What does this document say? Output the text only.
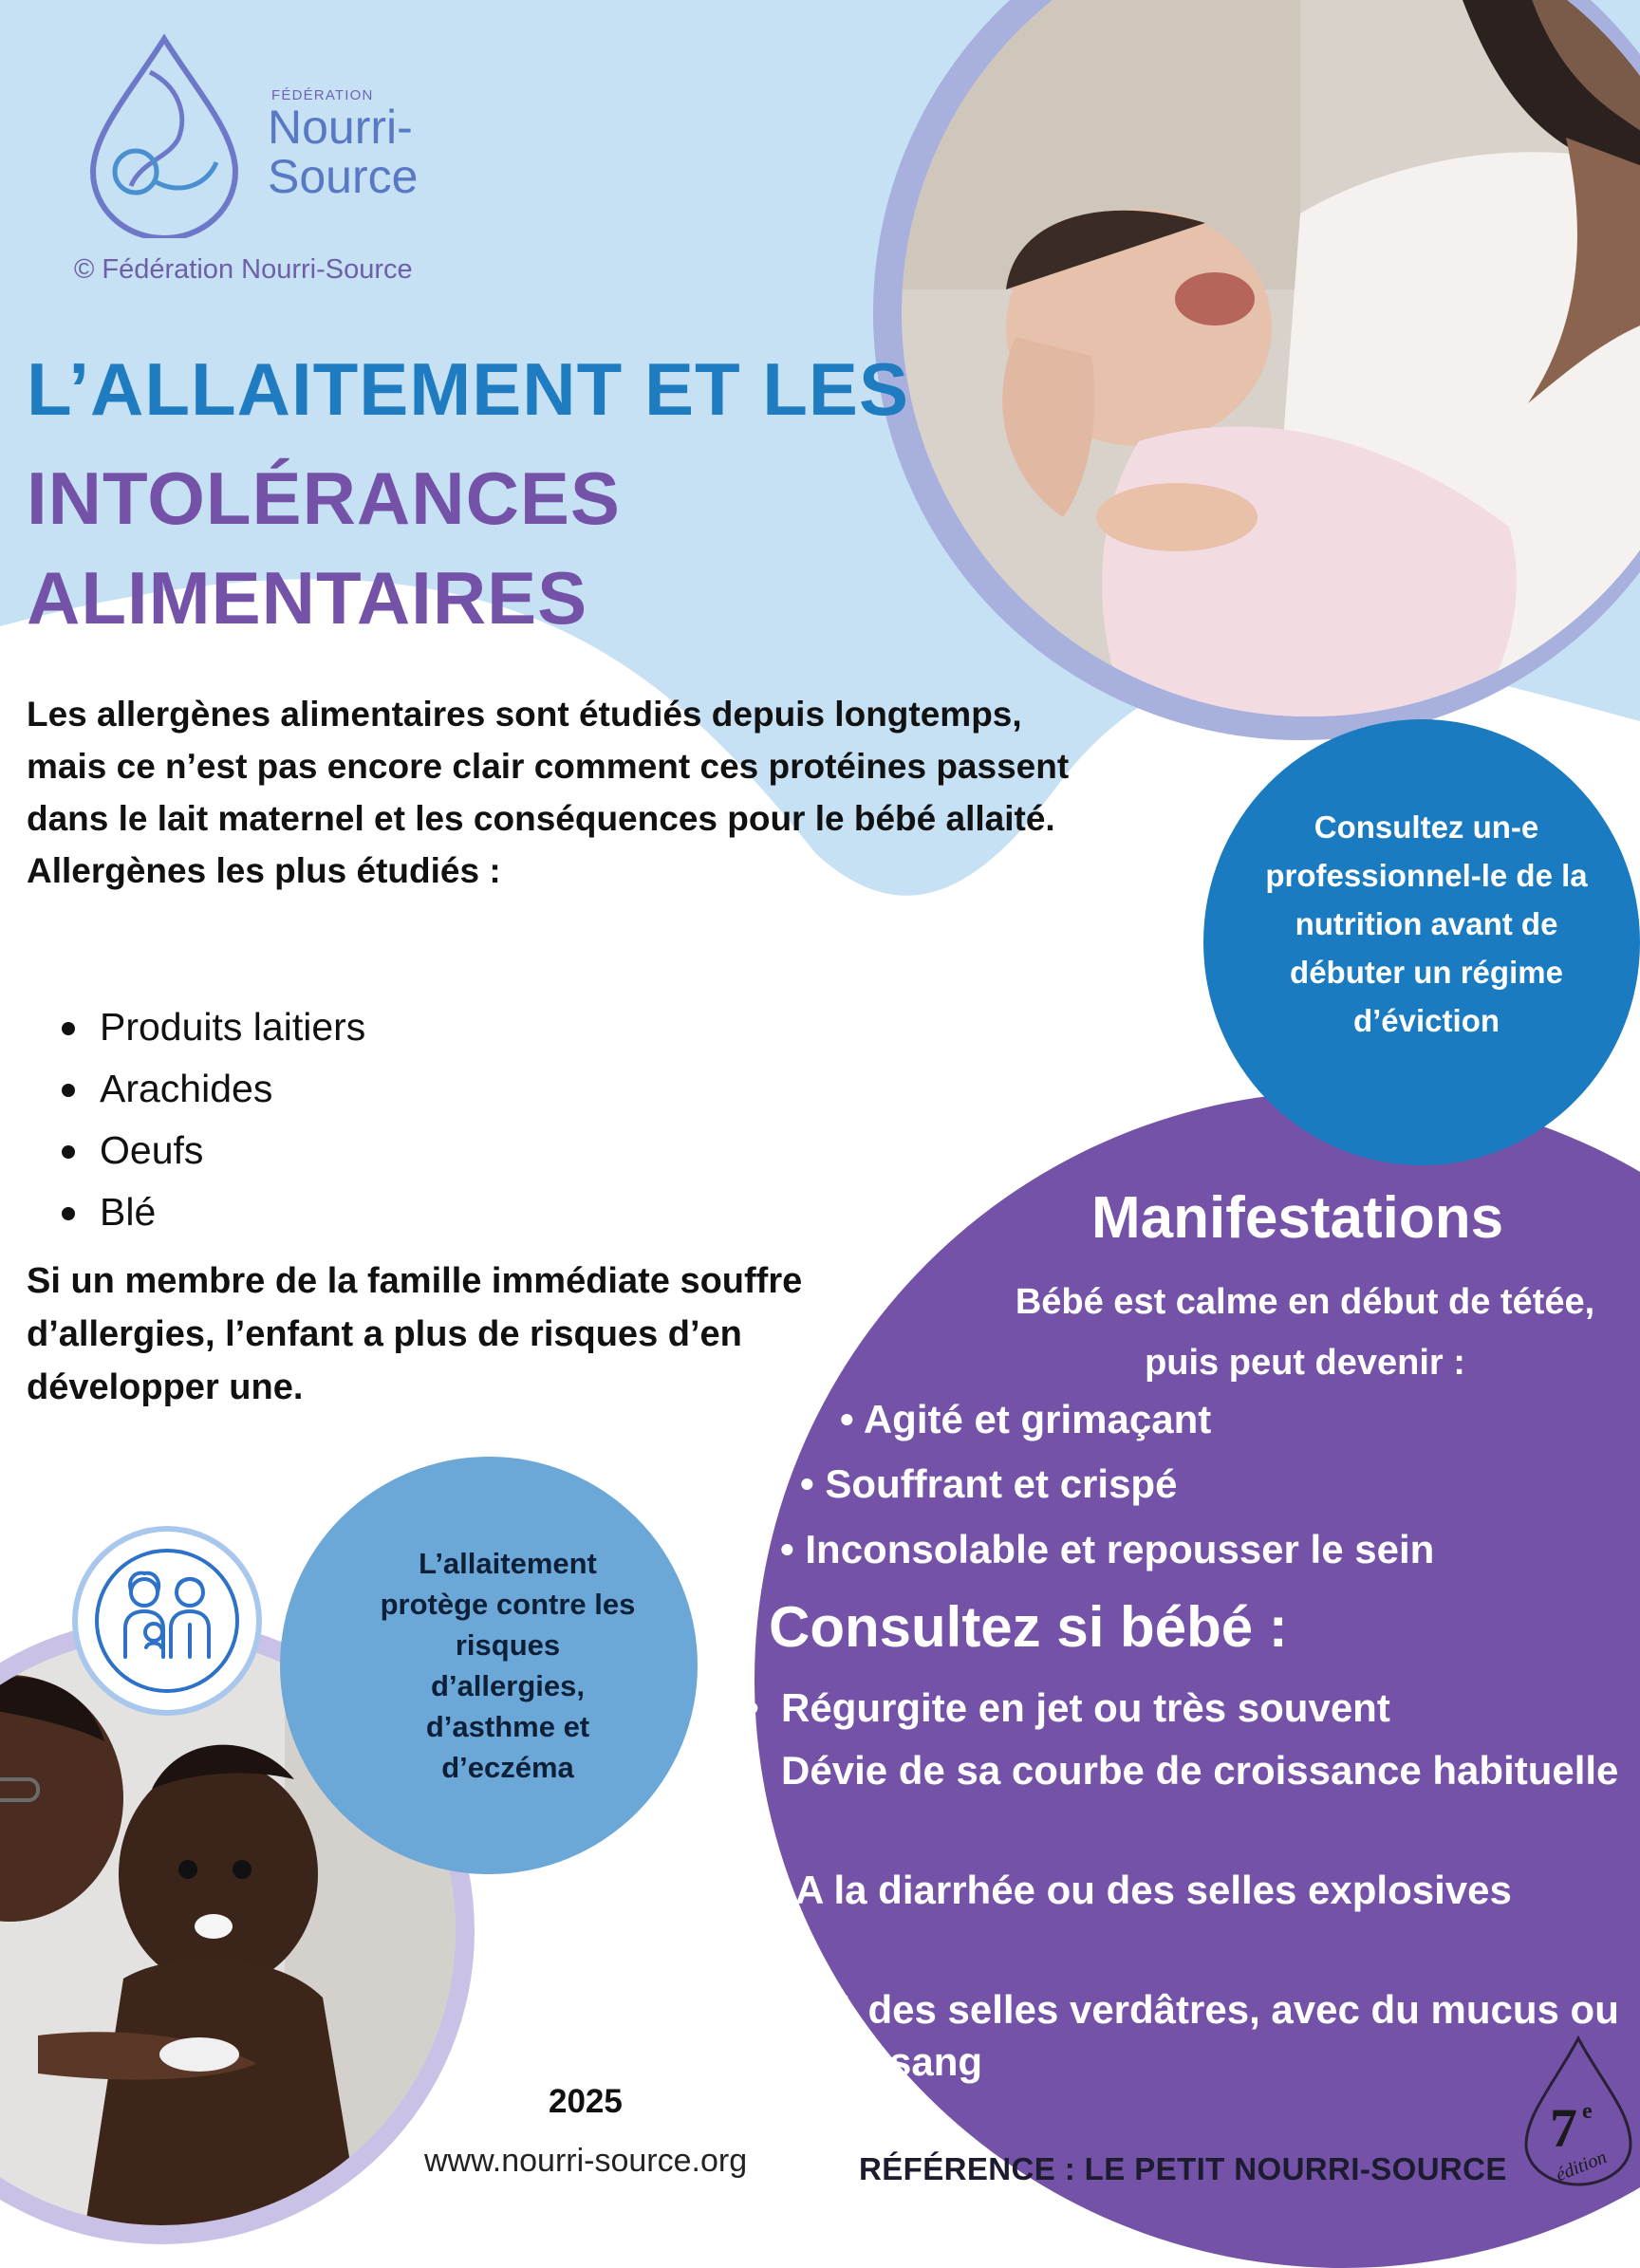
FÉDÉRATION
Nourri-
Source
© Fédération Nourri-Source
L’ALLAITEMENT ET LES
INTOLÉRANCES
ALIMENTAIRES
Les allergènes alimentaires sont étudiés depuis longtemps, mais ce n’est pas encore clair comment ces protéines passent dans le lait maternel et les conséquences pour le bébé allaité. Allergènes les plus étudiés :
Produits laitiers
Arachides
Oeufs
Blé
Si un membre de la famille immédiate souffre d’allergies, l’enfant a plus de risques d’en développer une.
Consultez un-e professionnel-le de la nutrition avant de débuter un régime d’éviction
Manifestations
Bébé est calme en début de tétée, puis peut devenir :
• Agité et grimaçant
• Souffrant et crispé
• Inconsolable et repousser le sein
Consultez si bébé :
•  Régurgite en jet ou très souvent
•  Dévie de sa courbe de croissance habituelle
•  A la diarrhée ou des selles explosives
•  A des selles verdâtres, avec du mucus ou du sang
L’allaitement protège contre les risques d’allergies, d’asthme et d’eczéma
2025
www.nourri-source.org	RÉFÉRENCE : LE PETIT NOURRI-SOURCE
7 e
édition
